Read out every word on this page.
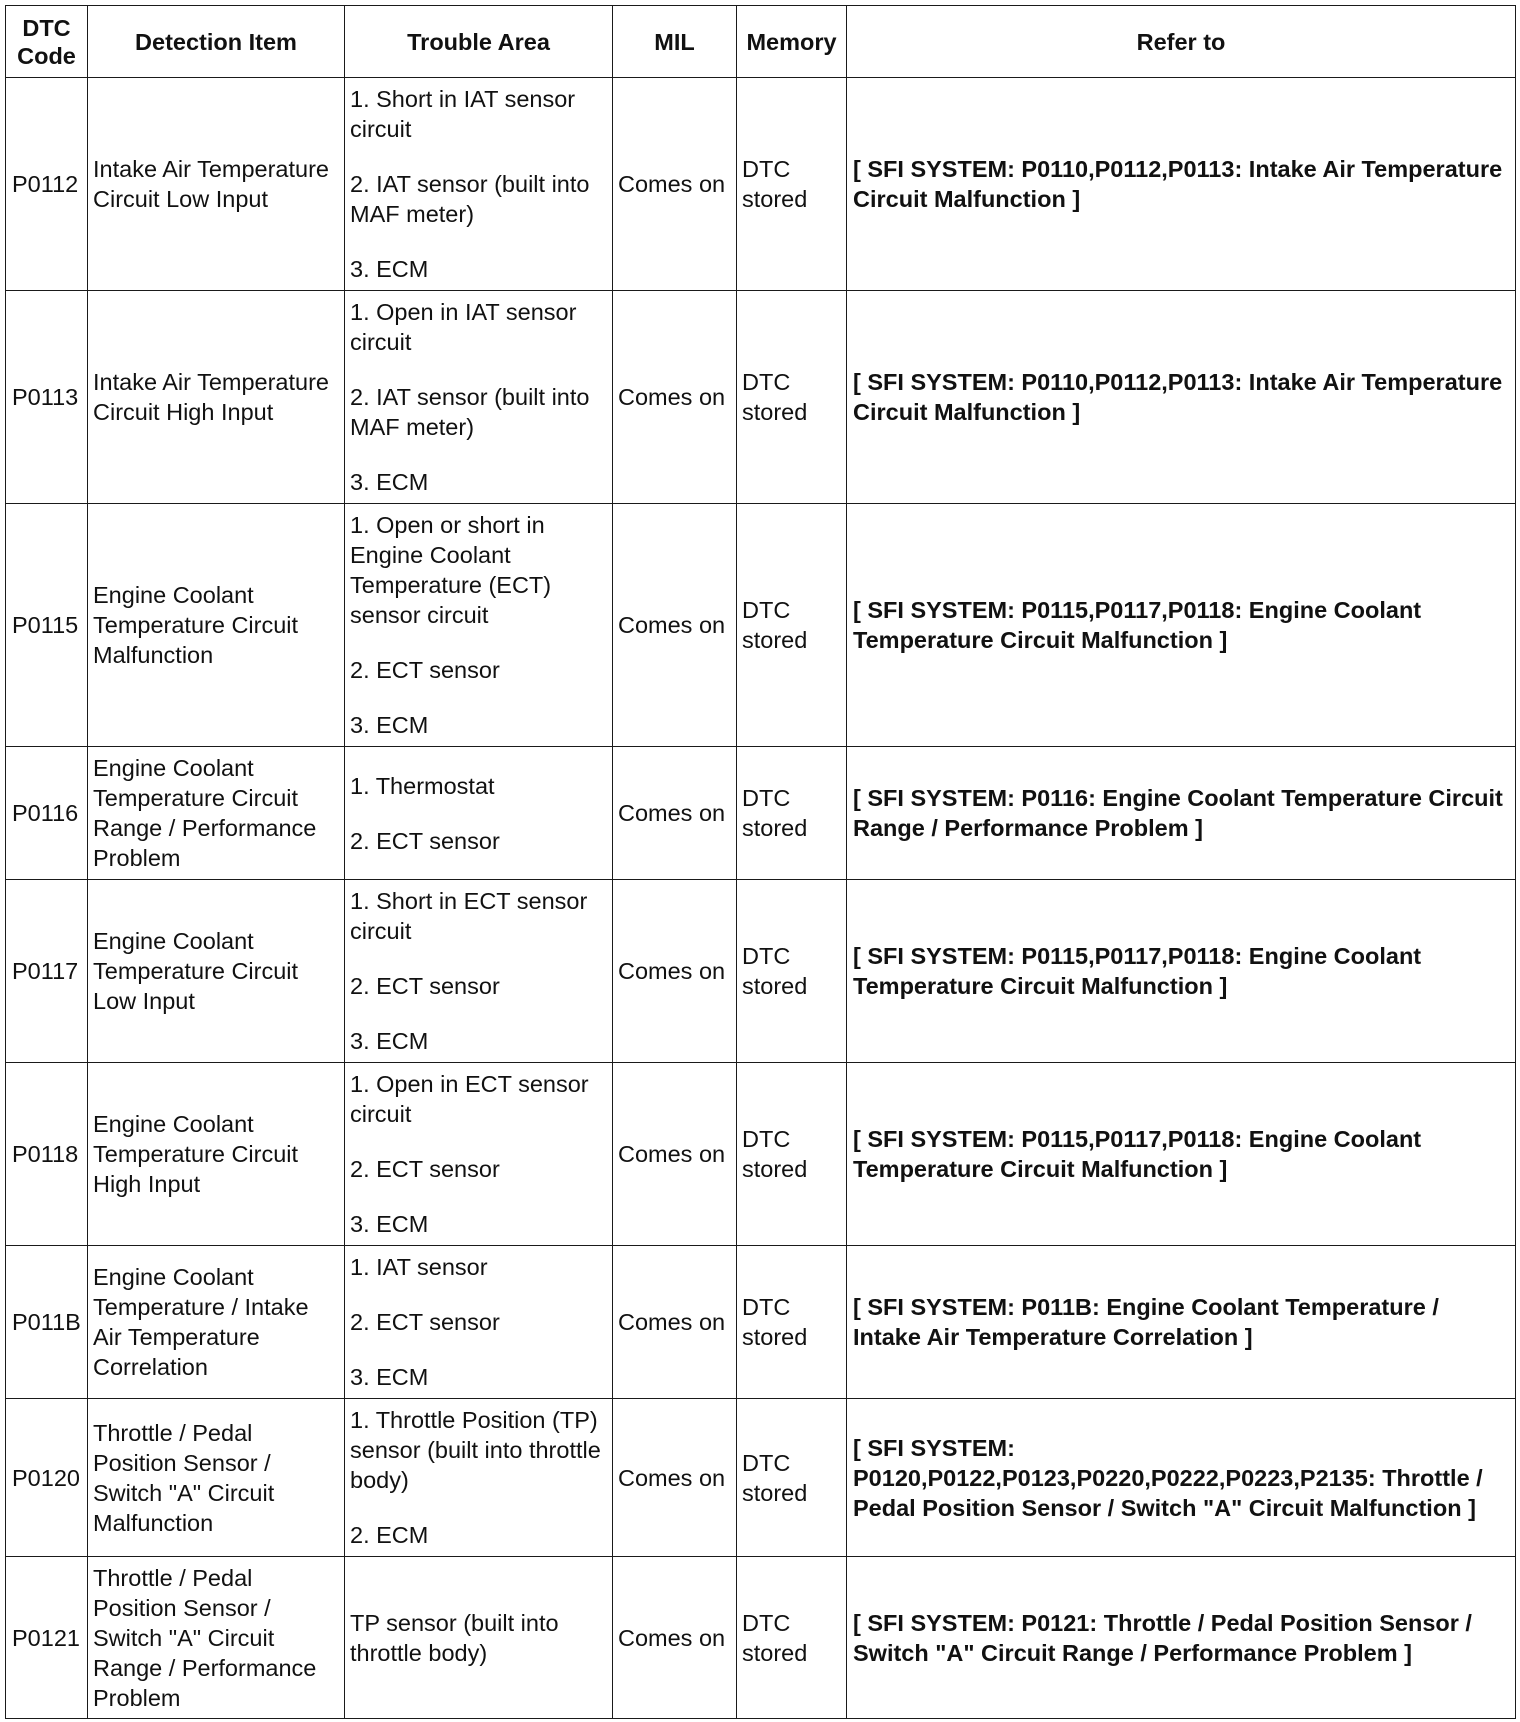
DTC Code	Detection Item	Trouble Area	MIL	Memory	Refer to
P0112	Intake Air Temperature Circuit Low Input	1. Short in IAT sensor circuit
2. IAT sensor (built into MAF meter)
3. ECM	Comes on	DTC stored	[ SFI SYSTEM: P0110,P0112,P0113: Intake Air Temperature Circuit Malfunction ]
P0113	Intake Air Temperature Circuit High Input	1. Open in IAT sensor circuit
2. IAT sensor (built into MAF meter)
3. ECM	Comes on	DTC stored	[ SFI SYSTEM: P0110,P0112,P0113: Intake Air Temperature Circuit Malfunction ]
P0115	Engine Coolant Temperature Circuit Malfunction	1. Open or short in Engine Coolant Temperature (ECT) sensor circuit
2. ECT sensor
3. ECM	Comes on	DTC stored	[ SFI SYSTEM: P0115,P0117,P0118: Engine Coolant Temperature Circuit Malfunction ]
P0116	Engine Coolant Temperature Circuit Range / Performance Problem	1. Thermostat
2. ECT sensor	Comes on	DTC stored	[ SFI SYSTEM: P0116: Engine Coolant Temperature Circuit Range / Performance Problem ]
P0117	Engine Coolant Temperature Circuit Low Input	1. Short in ECT sensor circuit
2. ECT sensor
3. ECM	Comes on	DTC stored	[ SFI SYSTEM: P0115,P0117,P0118: Engine Coolant Temperature Circuit Malfunction ]
P0118	Engine Coolant Temperature Circuit High Input	1. Open in ECT sensor circuit
2. ECT sensor
3. ECM	Comes on	DTC stored	[ SFI SYSTEM: P0115,P0117,P0118: Engine Coolant Temperature Circuit Malfunction ]
P011B	Engine Coolant Temperature / Intake Air Temperature Correlation	1. IAT sensor
2. ECT sensor
3. ECM	Comes on	DTC stored	[ SFI SYSTEM: P011B: Engine Coolant Temperature / Intake Air Temperature Correlation ]
P0120	Throttle / Pedal Position Sensor / Switch "A" Circuit Malfunction	1. Throttle Position (TP) sensor (built into throttle body)
2. ECM	Comes on	DTC stored	[ SFI SYSTEM: P0120,P0122,P0123,P0220,P0222,P0223,P2135: Throttle / Pedal Position Sensor / Switch "A" Circuit Malfunction ]
P0121	Throttle / Pedal Position Sensor / Switch "A" Circuit Range / Performance Problem	TP sensor (built into throttle body)	Comes on	DTC stored	[ SFI SYSTEM: P0121: Throttle / Pedal Position Sensor / Switch "A" Circuit Range / Performance Problem ]
